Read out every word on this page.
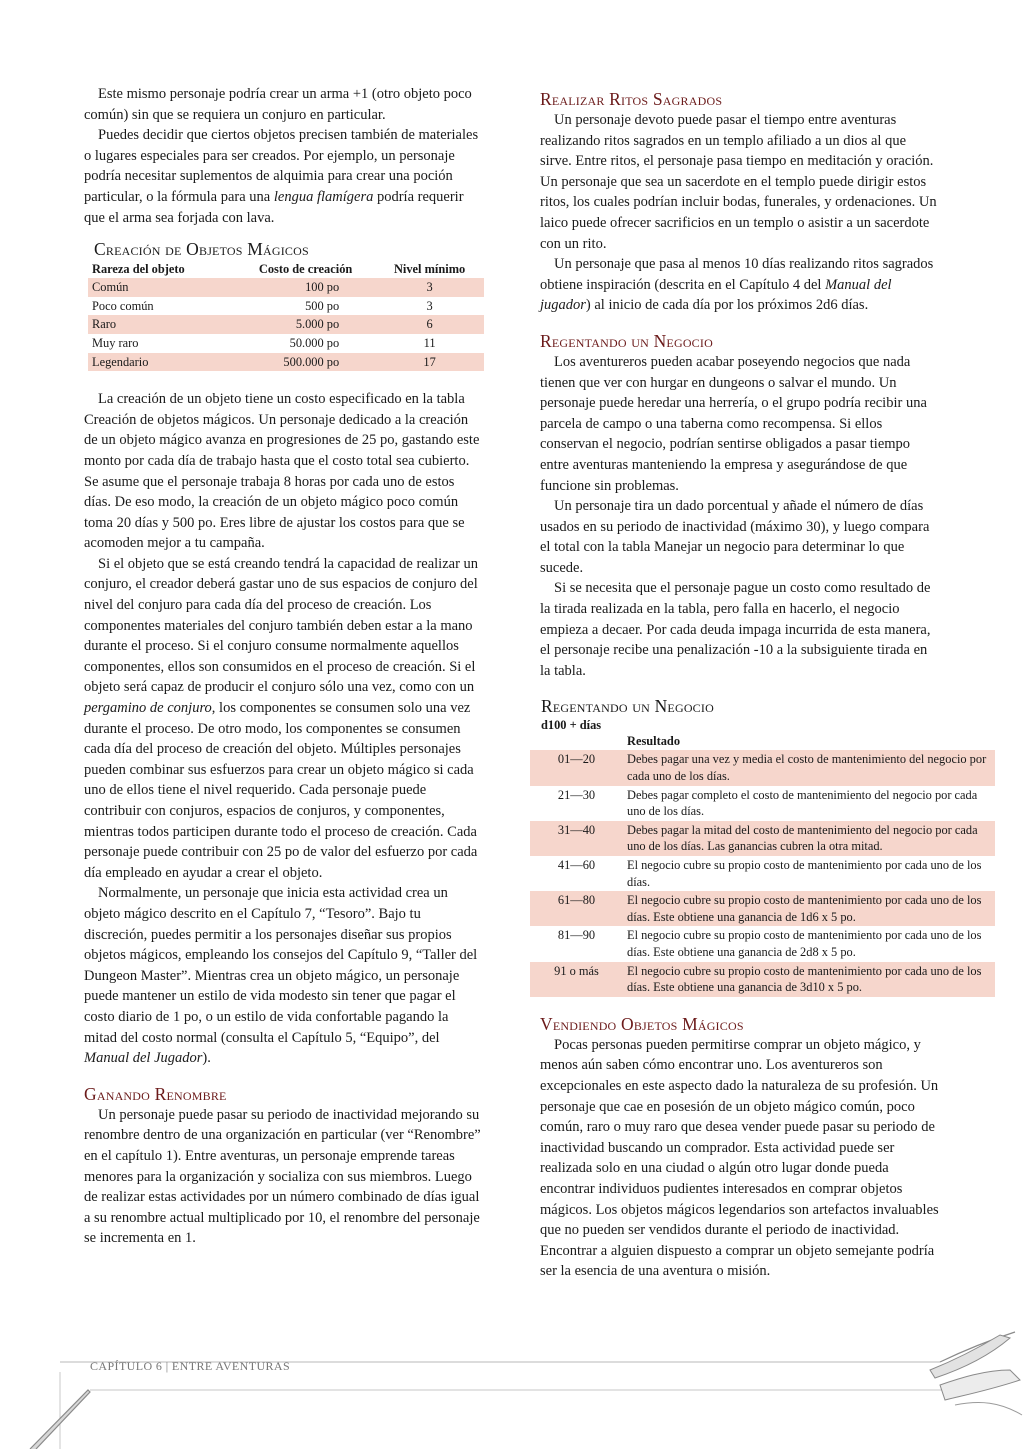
Este mismo personaje podría crear un arma +1 (otro objeto poco común) sin que se requiera un conjuro en particular.

Puedes decidir que ciertos objetos precisen también de materiales o lugares especiales para ser creados. Por ejemplo, un personaje podría necesitar suplementos de alquimia para crear una poción particular, o la fórmula para una lengua flamígera podría requerir que el arma sea forjada con lava.

Creación de Objetos Mágicos
Rareza del objeto	Costo de creación	Nivel mínimo
Común	100 po	3
Poco común	500 po	3
Raro	5.000 po	6
Muy raro	50.000 po	11
Legendario	500.000 po	17

La creación de un objeto tiene un costo especificado en la tabla Creación de objetos mágicos. Un personaje dedicado a la creación de un objeto mágico avanza en progresiones de 25 po, gastando este monto por cada día de trabajo hasta que el costo total sea cubierto. Se asume que el personaje trabaja 8 horas por cada uno de estos días. De eso modo, la creación de un objeto mágico poco común toma 20 días y 500 po. Eres libre de ajustar los costos para que se acomoden mejor a tu campaña.

Si el objeto que se está creando tendrá la capacidad de realizar un conjuro, el creador deberá gastar uno de sus espacios de conjuro del nivel del conjuro para cada día del proceso de creación. Los componentes materiales del conjuro también deben estar a la mano durante el proceso. Si el conjuro consume normalmente aquellos componentes, ellos son consumidos en el proceso de creación. Si el objeto será capaz de producir el conjuro sólo una vez, como con un pergamino de conjuro, los componentes se consumen solo una vez durante el proceso. De otro modo, los componentes se consumen cada día del proceso de creación del objeto. Múltiples personajes pueden combinar sus esfuerzos para crear un objeto mágico si cada uno de ellos tiene el nivel requerido. Cada personaje puede contribuir con conjuros, espacios de conjuros, y componentes, mientras todos participen durante todo el proceso de creación. Cada personaje puede contribuir con 25 po de valor del esfuerzo por cada día empleado en ayudar a crear el objeto.

Normalmente, un personaje que inicia esta actividad crea un objeto mágico descrito en el Capítulo 7, “Tesoro”. Bajo tu discreción, puedes permitir a los personajes diseñar sus propios objetos mágicos, empleando los consejos del Capítulo 9, “Taller del Dungeon Master”. Mientras crea un objeto mágico, un personaje puede mantener un estilo de vida modesto sin tener que pagar el costo diario de 1 po, o un estilo de vida confortable pagando la mitad del costo normal (consulta el Capítulo 5, “Equipo”, del Manual del Jugador).

Ganando Renombre

Un personaje puede pasar su periodo de inactividad mejorando su renombre dentro de una organización en particular (ver “Renombre” en el capítulo 1). Entre aventuras, un personaje emprende tareas menores para la organización y socializa con sus miembros. Luego de realizar estas actividades por un número combinado de días igual a su renombre actual multiplicado por 10, el renombre del personaje se incrementa en 1.

Realizar Ritos Sagrados

Un personaje devoto puede pasar el tiempo entre aventuras realizando ritos sagrados en un templo afiliado a un dios al que sirve. Entre ritos, el personaje pasa tiempo en meditación y oración. Un personaje que sea un sacerdote en el templo puede dirigir estos ritos, los cuales podrían incluir bodas, funerales, y ordenaciones. Un laico puede ofrecer sacrificios en un templo o asistir a un sacerdote con un rito.

Un personaje que pasa al menos 10 días realizando ritos sagrados obtiene inspiración (descrita en el Capítulo 4 del Manual del jugador) al inicio de cada día por los próximos 2d6 días.

Regentando un Negocio

Los aventureros pueden acabar poseyendo negocios que nada tienen que ver con hurgar en dungeons o salvar el mundo. Un personaje puede heredar una herrería, o el grupo podría recibir una parcela de campo o una taberna como recompensa. Si ellos conservan el negocio, podrían sentirse obligados a pasar tiempo entre aventuras manteniendo la empresa y asegurándose de que funcione sin problemas.

Un personaje tira un dado porcentual y añade el número de días usados en su periodo de inactividad (máximo 30), y luego compara el total con la tabla Manejar un negocio para determinar lo que sucede.

Si se necesita que el personaje pague un costo como resultado de la tirada realizada en la tabla, pero falla en hacerlo, el negocio empieza a decaer. Por cada deuda impaga incurrida de esta manera, el personaje recibe una penalización -10 a la subsiguiente tirada en la tabla.

Regentando un Negocio
d100 + días
	Resultado
01—20	Debes pagar una vez y media el costo de mantenimiento del negocio por cada uno de los días.
21—30	Debes pagar completo el costo de mantenimiento del negocio por cada uno de los días.
31—40	Debes pagar la mitad del costo de mantenimiento del negocio por cada uno de los días. Las ganancias cubren la otra mitad.
41—60	El negocio cubre su propio costo de mantenimiento por cada uno de los días.
61—80	El negocio cubre su propio costo de mantenimiento por cada uno de los días. Este obtiene una ganancia de 1d6 x 5 po.
81—90	El negocio cubre su propio costo de mantenimiento por cada uno de los días. Este obtiene una ganancia de 2d8 x 5 po.
91 o más	El negocio cubre su propio costo de mantenimiento por cada uno de los días. Este obtiene una ganancia de 3d10 x 5 po.
Vendiendo Objetos Mágicos

Pocas personas pueden permitirse comprar un objeto mágico, y menos aún saben cómo encontrar uno. Los aventureros son excepcionales en este aspecto dado la naturaleza de su profesión. Un personaje que cae en posesión de un objeto mágico común, poco común, raro o muy raro que desea vender puede pasar su periodo de inactividad buscando un comprador. Esta actividad puede ser realizada solo en una ciudad o algún otro lugar donde pueda encontrar individuos pudientes interesados en comprar objetos mágicos. Los objetos mágicos legendarios son artefactos invaluables que no pueden ser vendidos durante el periodo de inactividad. Encontrar a alguien dispuesto a comprar un objeto semejante podría ser la esencia de una aventura o misión.

CAPÍTULO 6 | ENTRE AVENTURAS
